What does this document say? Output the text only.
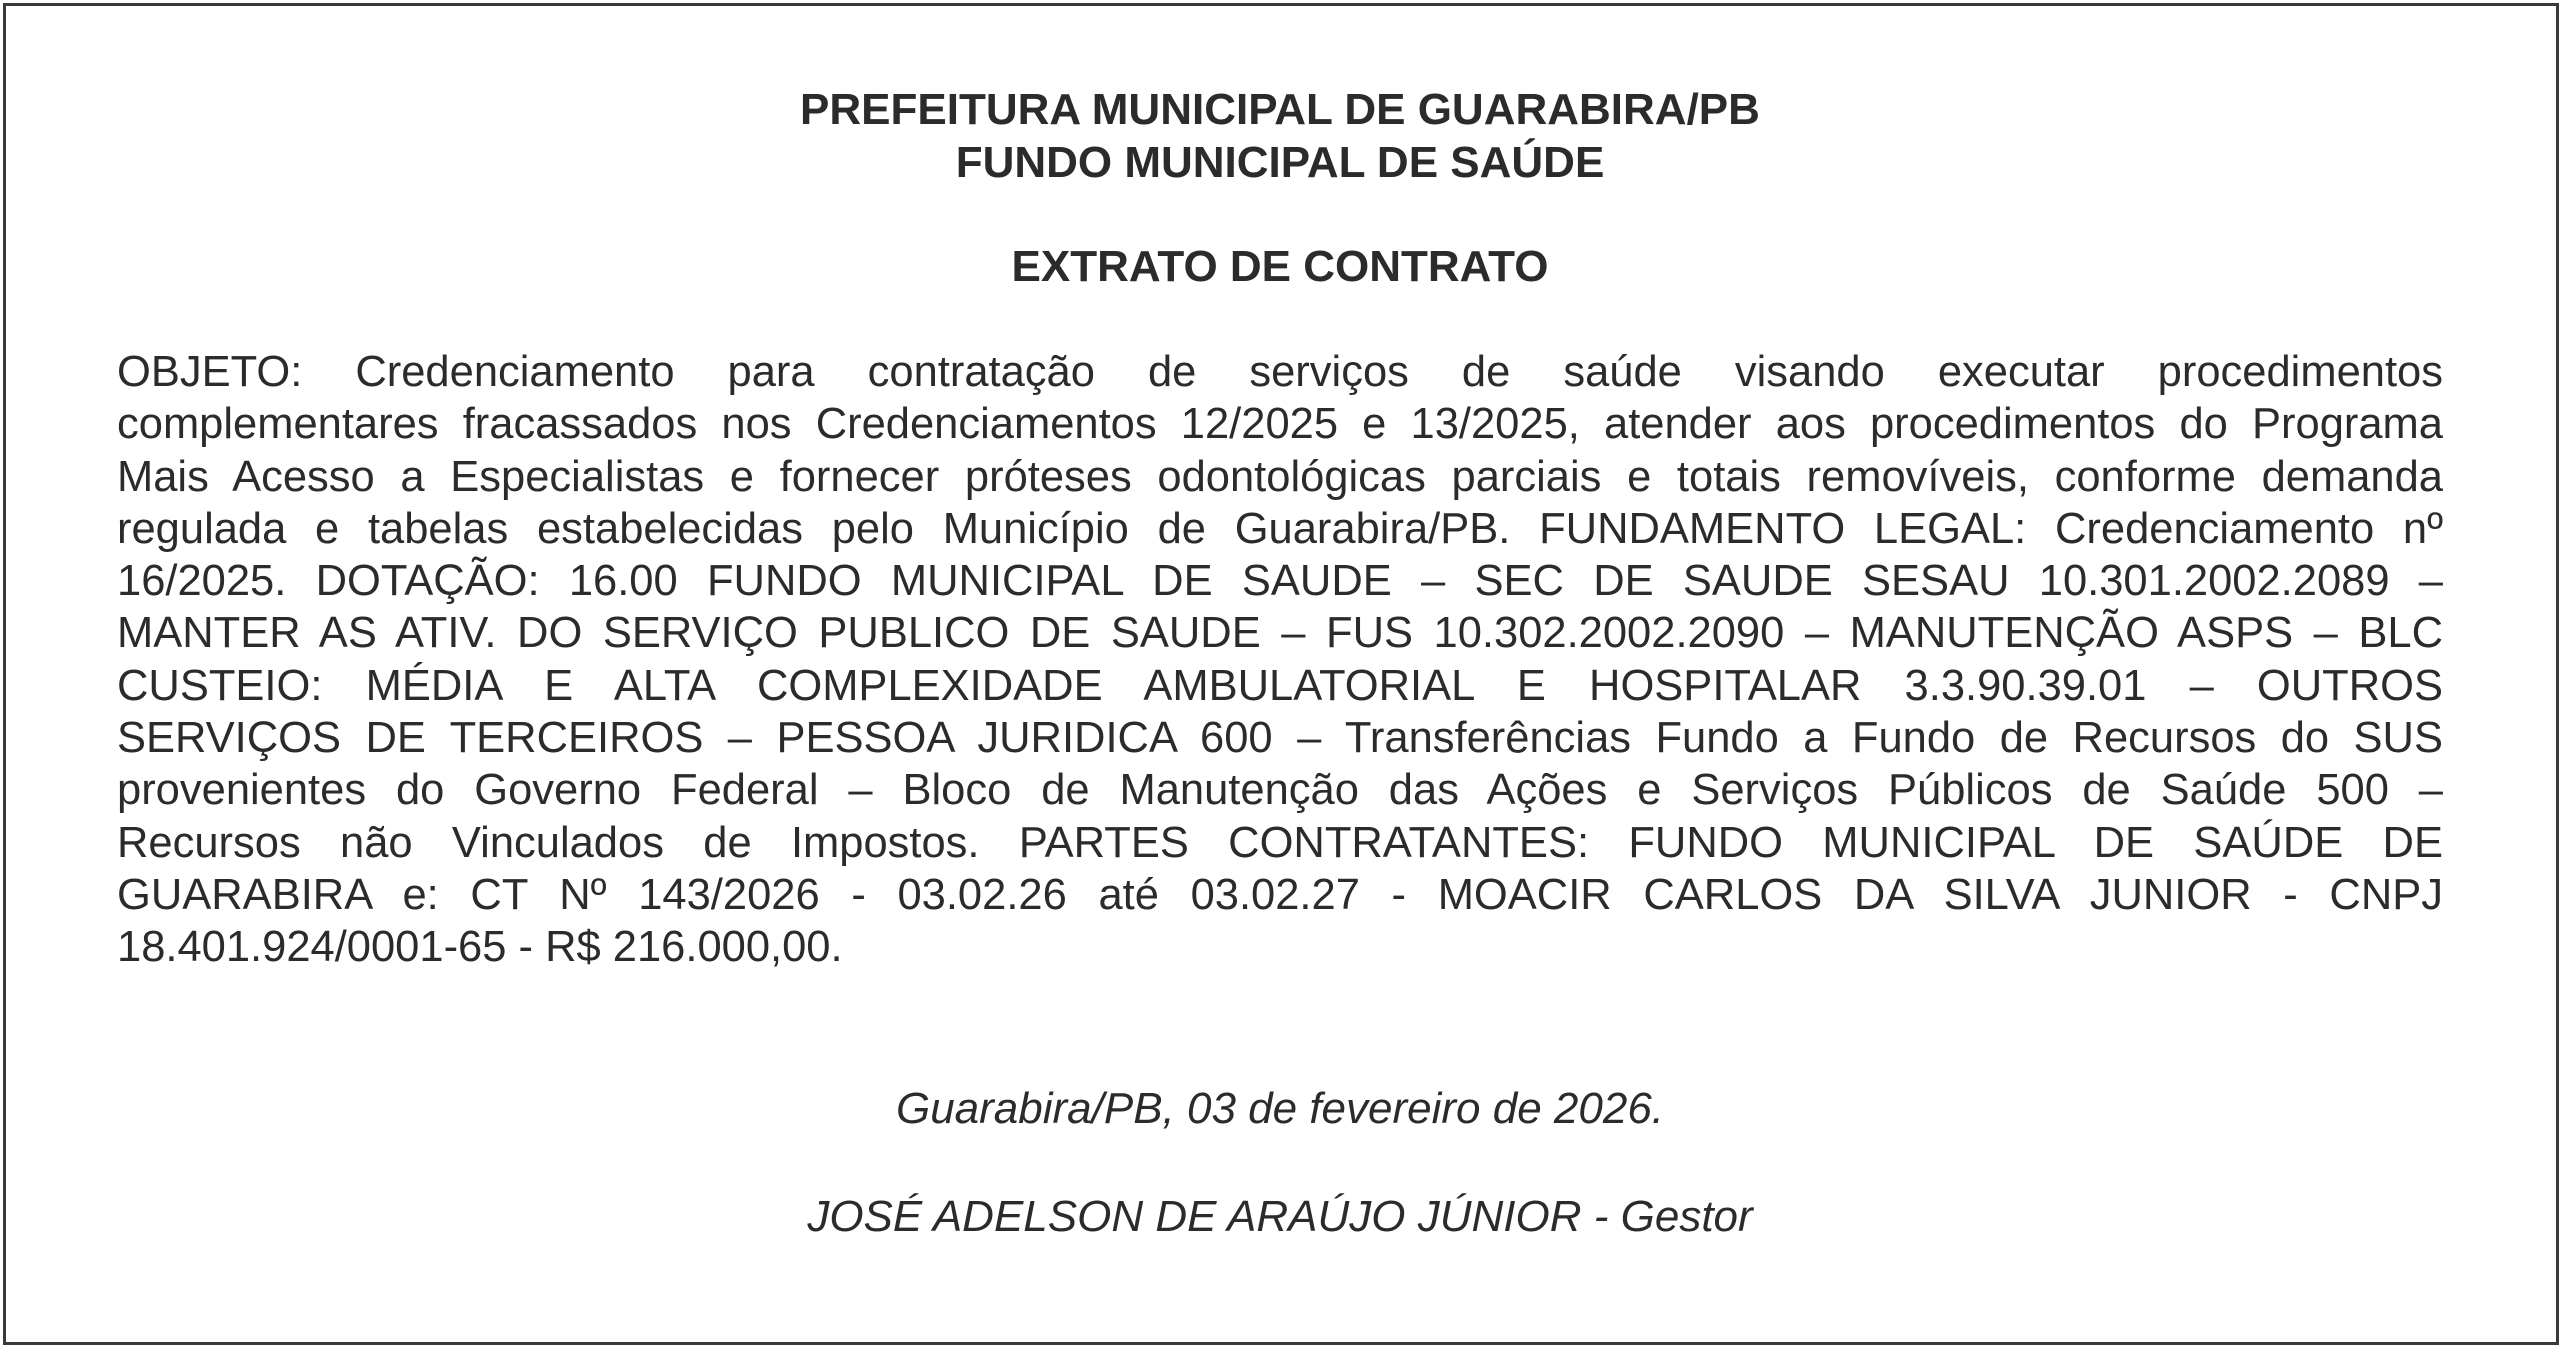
PREFEITURA MUNICIPAL DE GUARABIRA/PB
FUNDO MUNICIPAL DE SAÚDE
EXTRATO DE CONTRATO
OBJETO: Credenciamento para contratação de serviços de saúde visando executar procedimentos
complementares fracassados nos Credenciamentos 12/2025 e 13/2025, atender aos procedimentos do Programa
Mais Acesso a Especialistas e fornecer próteses odontológicas parciais e totais removíveis, conforme demanda
regulada e tabelas estabelecidas pelo Município de Guarabira/PB. FUNDAMENTO LEGAL: Credenciamento nº
16/2025. DOTAÇÃO: 16.00 FUNDO MUNICIPAL DE SAUDE – SEC DE SAUDE SESAU 10.301.2002.2089 –
MANTER AS ATIV. DO SERVIÇO PUBLICO DE SAUDE – FUS 10.302.2002.2090 – MANUTENÇÃO ASPS – BLC
CUSTEIO: MÉDIA E ALTA COMPLEXIDADE AMBULATORIAL E HOSPITALAR 3.3.90.39.01 – OUTROS
SERVIÇOS DE TERCEIROS – PESSOA JURIDICA 600 – Transferências Fundo a Fundo de Recursos do SUS
provenientes do Governo Federal – Bloco de Manutenção das Ações e Serviços Públicos de Saúde 500 –
Recursos não Vinculados de Impostos. PARTES CONTRATANTES: FUNDO MUNICIPAL DE SAÚDE DE
GUARABIRA e: CT Nº 143/2026 - 03.02.26 até 03.02.27 - MOACIR CARLOS DA SILVA JUNIOR - CNPJ
18.401.924/0001-65 - R$ 216.000,00.
Guarabira/PB, 03 de fevereiro de 2026.
JOSÉ ADELSON DE ARAÚJO JÚNIOR - Gestor
